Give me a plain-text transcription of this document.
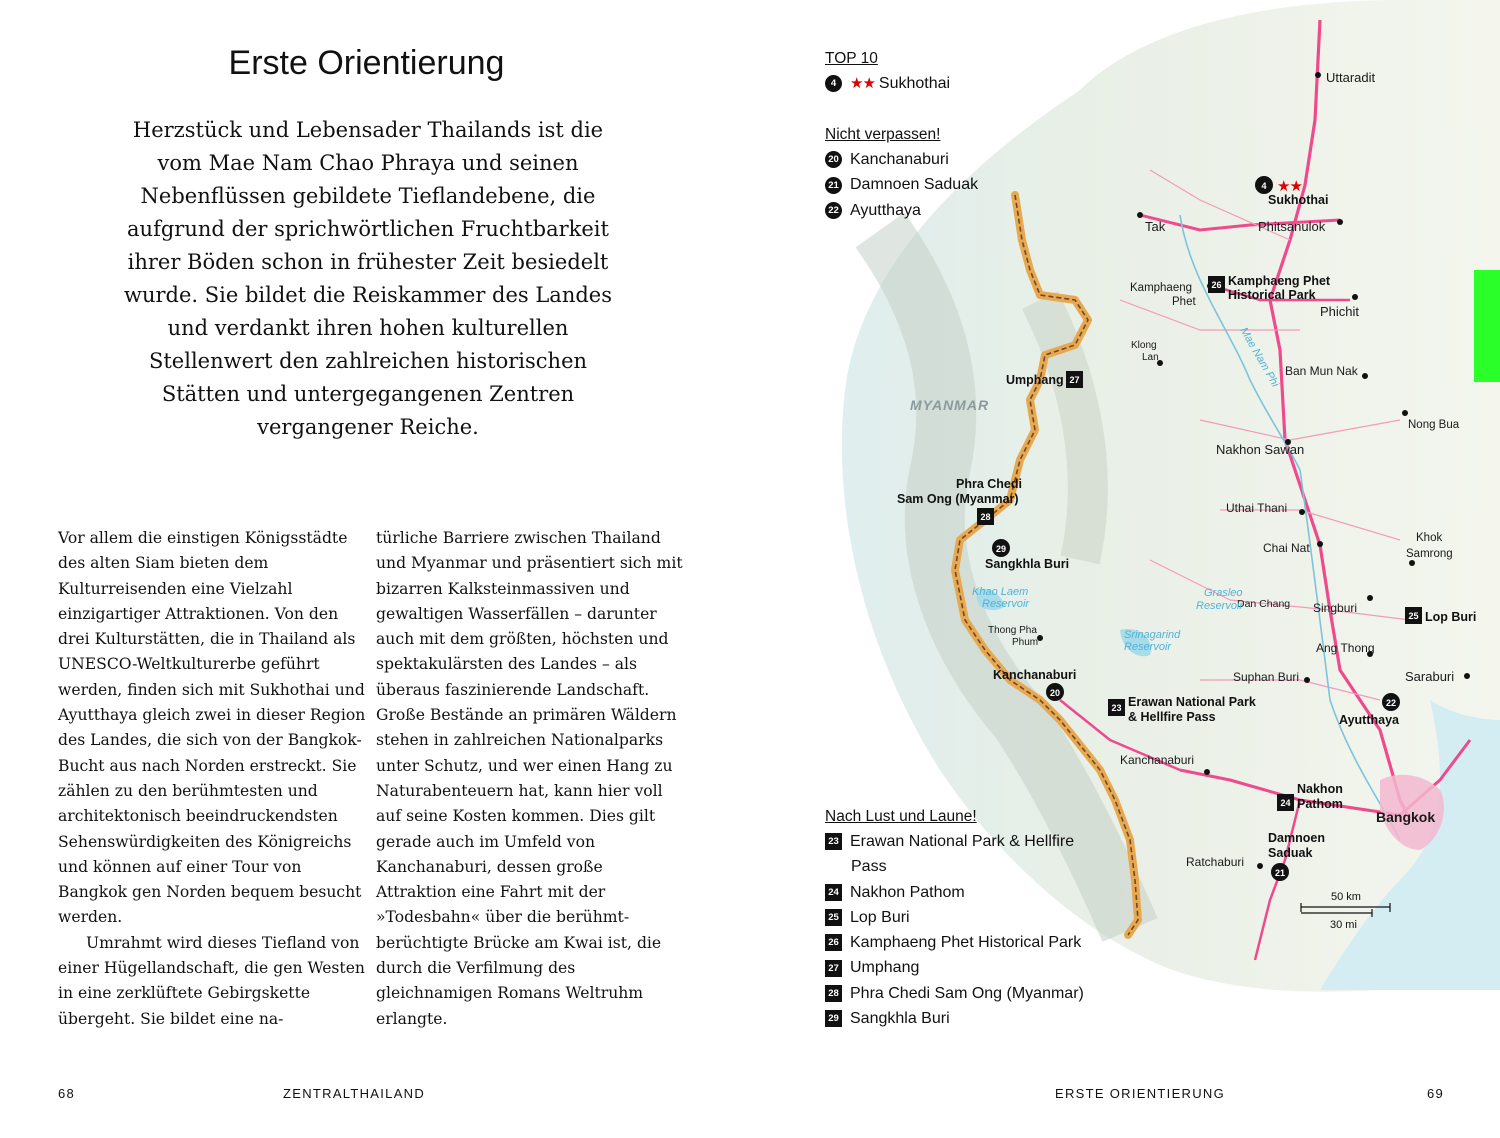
Erste Orientierung
Herzstück und Lebensader Thailands ist die vom Mae Nam Chao Phraya und seinen Nebenflüssen gebildete Tieflandebene, die aufgrund der sprichwörtlichen Fruchtbarkeit ihrer Böden schon in frühester Zeit besiedelt wurde. Sie bildet die Reiskammer des Landes und verdankt ihren hohen kulturellen Stellenwert den zahlreichen historischen Stätten und untergegangenen Zentren vergangener Reiche.

Vor allem die einstigen Königsstädte des alten Siam bieten dem Kulturreisenden eine Vielzahl einzigartiger Attraktionen. Von den drei Kulturstätten, die in Thailand als UNESCO-Weltkulturerbe geführt werden, finden sich mit Sukhothai und Ayutthaya gleich zwei in dieser Region des Landes, die sich von der Bangkok-Bucht aus nach Norden erstreckt. Sie zählen zu den berühmtesten und architektonisch beeindruckendsten Sehenswürdigkeiten des Königreichs und können auf einer Tour von Bangkok gen Norden bequem besucht werden.

Umrahmt wird dieses Tiefland von einer Hügellandschaft, die gen Westen in eine zerklüftete Gebirgskette übergeht. Sie bildet eine na-

türliche Barriere zwischen Thailand und Myanmar und präsentiert sich mit bizarren Kalksteinmassiven und gewaltigen Wasserfällen – darunter auch mit dem größten, höchsten und spektakulärsten des Landes – als überaus faszinierende Landschaft. Große Bestände an primären Wäldern stehen in zahlreichen Nationalparks unter Schutz, und wer einen Hang zu Naturabenteuern hat, kann hier voll auf seine Kosten kommen. Dies gilt gerade auch im Umfeld von Kanchanaburi, dessen große Attraktion eine Fahrt mit der »Todesbahn« über die berühmt-berüchtigte Brücke am Kwai ist, die durch die Verfilmung des gleichnamigen Romans Weltruhm erlangte.

68	ZENTRALTHAILAND
Uttaradit
Tak	Phitsanulok
Kamphaeng
Phet
Phichit
Klong
Lan
Ban Mun Nak
Nong Bua
Nakhon Sawan
Uthai Thani
Chai Nat
Khok
Samrong
Dan Chang Singburi
Thong Pha
Phum	Ang Thong
Suphan Buri	Saraburi
Kanchanaburi
Bangkok
Ratchaburi
MYANMAR
Khao Laem
Reservoir
Srinagarind
Reservoir
Grasleo
Reservoir
Mae Nam Phi
4
26
27
28
29
20
23
25
22
24
21
★★
Sukhothai
Kamphaeng Phet
Historical Park
Umphang
Phra Chedi
Sam Ong (Myanmar)
Sangkhla Buri
Kanchanaburi
Erawan National Park
& Hellfire Pass
Lop Buri
Ayutthaya
Nakhon
Pathom
Damnoen
Saduak
50 km
30 mi
TOP 10
4 ★★ Sukhothai
Nicht verpassen!
20 Kanchanaburi
21 Damnoen Saduak
22 Ayutthaya
Nach Lust und Laune!
23 Erawan National Park & Hellfire
Pass
24 Nakhon Pathom
25 Lop Buri
26 Kamphaeng Phet Historical Park
27 Umphang
28 Phra Chedi Sam Ong (Myanmar)
29 Sangkhla Buri
ERSTE ORIENTIERUNG	69
